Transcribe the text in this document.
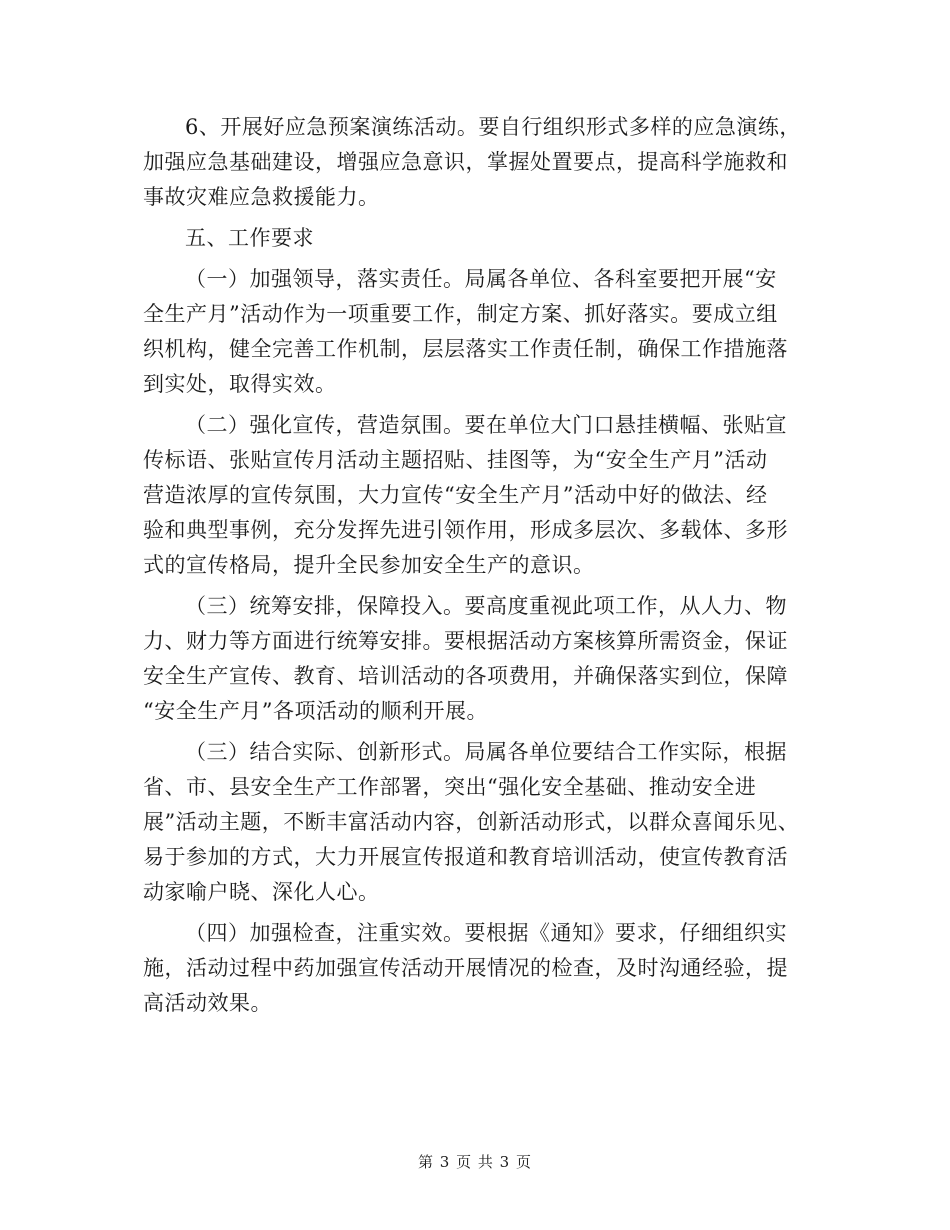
6、开展好应急预案演练活动。要自行组织形式多样的应急演练，
加强应急基础建设，增强应急意识，掌握处置要点，提高科学施救和
事故灾难应急救援能力。

五、工作要求

（一）加强领导，落实责任。局属各单位、各科室要把开展“安
全生产月”活动作为一项重要工作，制定方案、抓好落实。要成立组
织机构，健全完善工作机制，层层落实工作责任制，确保工作措施落
到实处，取得实效。

（二）强化宣传，营造氛围。要在单位大门口悬挂横幅、张贴宣
传标语、张贴宣传月活动主题招贴、挂图等，为“安全生产月”活动
营造浓厚的宣传氛围，大力宣传“安全生产月”活动中好的做法、经
验和典型事例，充分发挥先进引领作用，形成多层次、多载体、多形
式的宣传格局，提升全民参加安全生产的意识。

（三）统筹安排，保障投入。要高度重视此项工作，从人力、物
力、财力等方面进行统筹安排。要根据活动方案核算所需资金，保证
安全生产宣传、教育、培训活动的各项费用，并确保落实到位，保障
“安全生产月”各项活动的顺利开展。

（三）结合实际、创新形式。局属各单位要结合工作实际，根据
省、市、县安全生产工作部署，突出“强化安全基础、推动安全进
展”活动主题，不断丰富活动内容，创新活动形式，以群众喜闻乐见、
易于参加的方式，大力开展宣传报道和教育培训活动，使宣传教育活
动家喻户晓、深化人心。

（四）加强检查，注重实效。要根据《通知》要求，仔细组织实
施，活动过程中药加强宣传活动开展情况的检查，及时沟通经验，提
高活动效果。

第 3 页 共 3 页
